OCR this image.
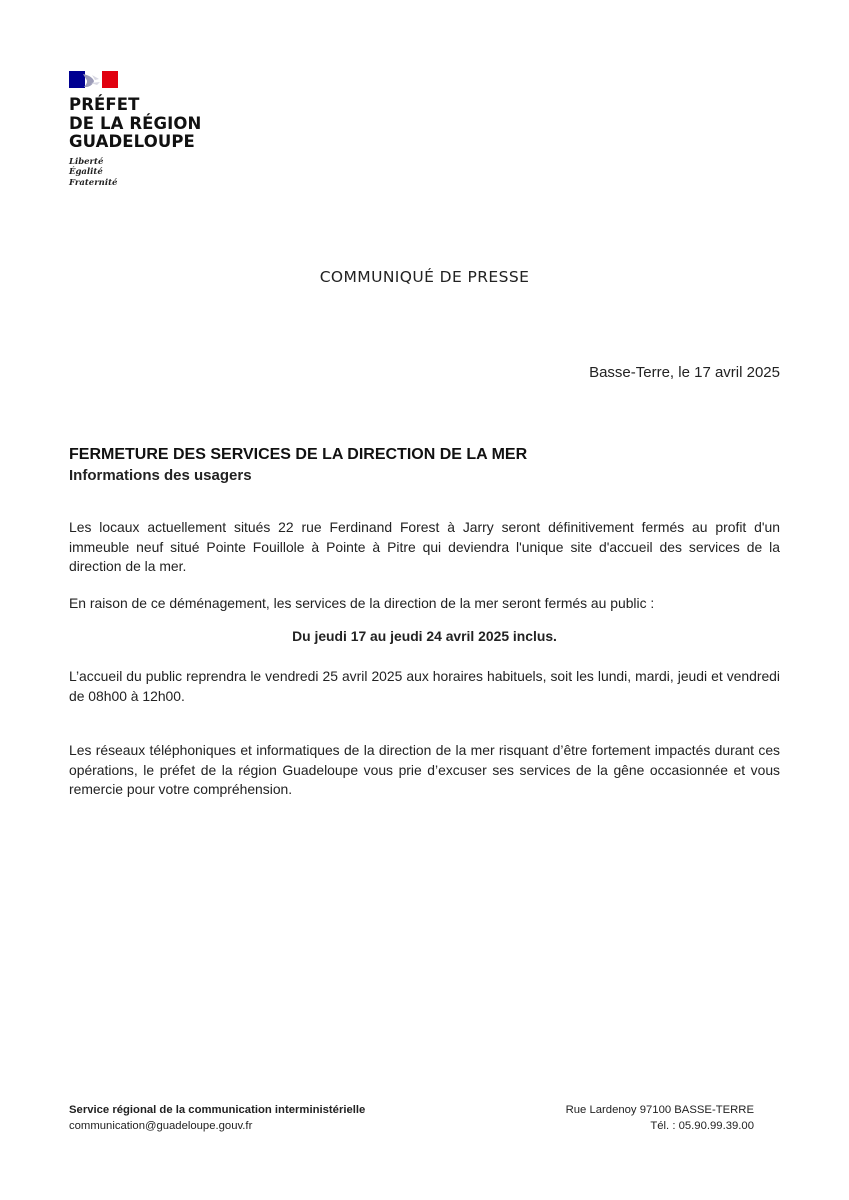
PRÉFET
DE LA RÉGION
GUADELOUPE
Liberté
Égalité
Fraternité
COMMUNIQUÉ DE PRESSE
Basse-Terre, le 17 avril 2025
FERMETURE DES SERVICES DE LA DIRECTION DE LA MER
Informations des usagers
Les locaux actuellement situés 22 rue Ferdinand Forest à Jarry seront définitivement fermés au profit d'un immeuble neuf situé Pointe Fouillole à Pointe à Pitre qui deviendra l'unique site d'accueil des services de la direction de la mer.
En raison de ce déménagement, les services de la direction de la mer seront fermés au public :
Du jeudi 17 au jeudi 24 avril 2025 inclus.
L’accueil du public reprendra le vendredi 25 avril 2025 aux horaires habituels, soit les lundi, mardi, jeudi et vendredi de 08h00 à 12h00.
Les réseaux téléphoniques et informatiques de la direction de la mer risquant d’être fortement impactés durant ces opérations, le préfet de la région Guadeloupe vous prie d’excuser ses services de la gêne occasionnée et vous remercie pour votre compréhension.
Service régional de la communication interministérielle
communication@guadeloupe.gouv.fr
Rue Lardenoy 97100 BASSE-TERRE
Tél. : 05.90.99.39.00
